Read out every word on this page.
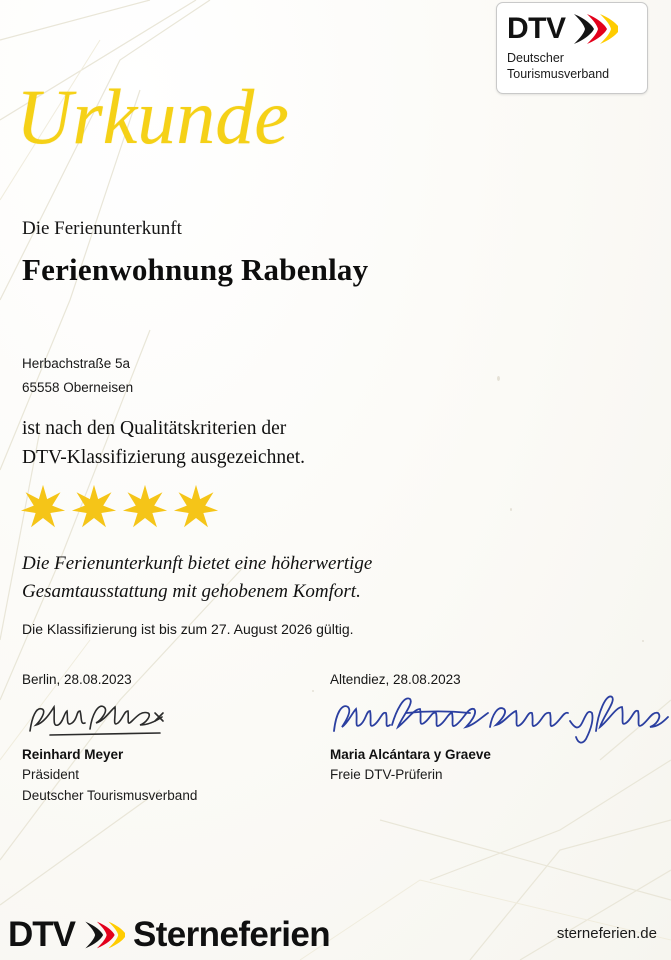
DTV
Deutscher
Tourismusverband
Urkunde
Die Ferienunterkunft
Ferienwohnung Rabenlay
Herbachstraße 5a
65558 Oberneisen
ist nach den Qualitätskriterien der
DTV-Klassifizierung ausgezeichnet.
Die Ferienunterkunft bietet eine höherwertige
Gesamtausstattung mit gehobenem Komfort.
Die Klassifizierung ist bis zum 27. August 2026 gültig.
Berlin, 28.08.2023
Reinhard Meyer
Präsident
Deutscher Tourismusverband
Altendiez, 28.08.2023
Maria Alcántara y Graeve
Freie DTV-Prüferin
DTV Sterneferien	sterneferien.de
